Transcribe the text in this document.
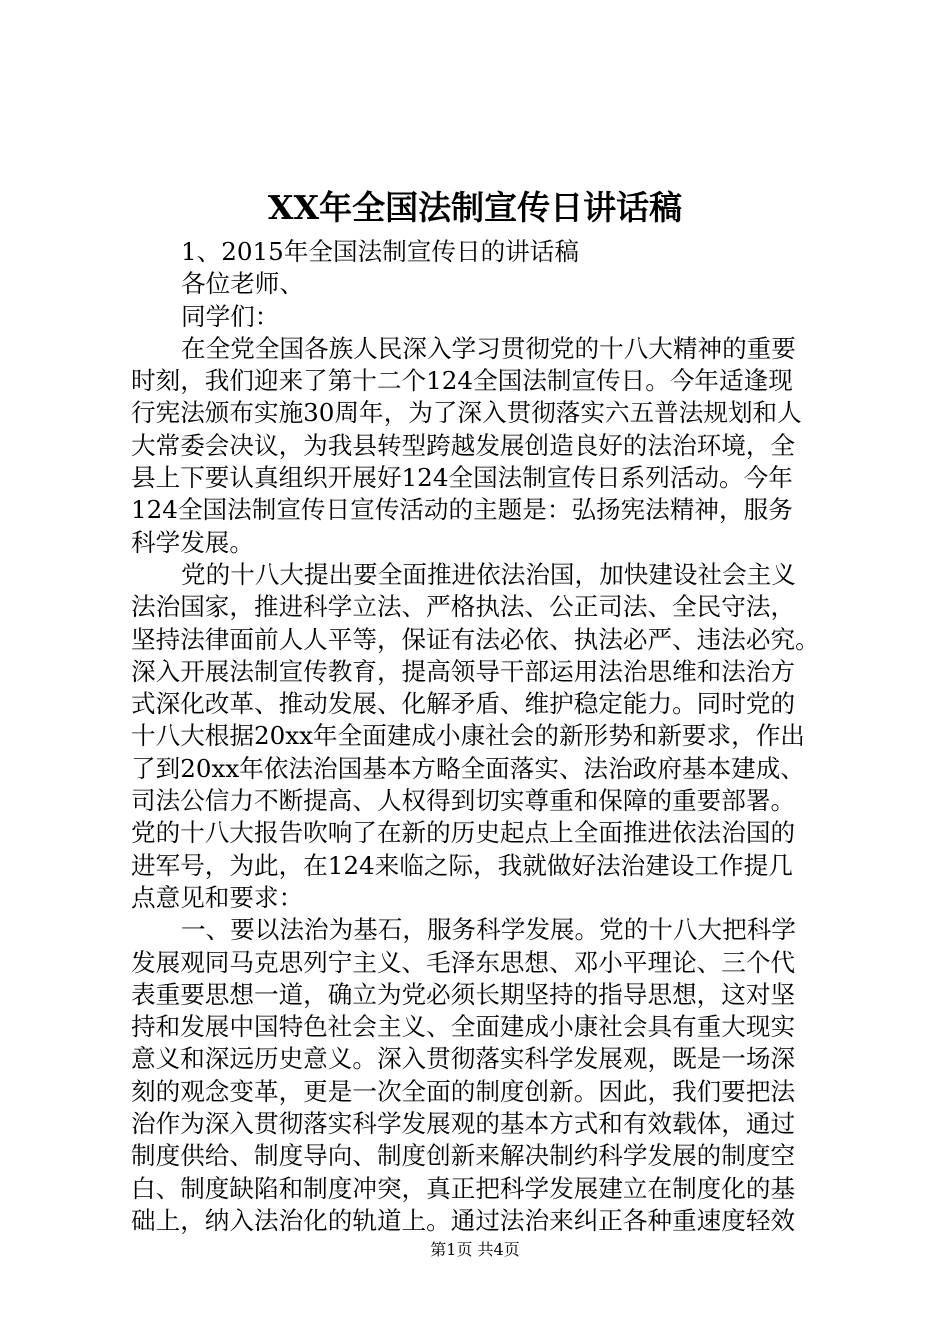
XX年全国法制宣传日讲话稿
1、2015年全国法制宣传日的讲话稿
各位老师、
同学们：
在全党全国各族人民深入学习贯彻党的十八大精神的重要
时刻，我们迎来了第十二个124全国法制宣传日。今年适逢现
行宪法颁布实施30周年，为了深入贯彻落实六五普法规划和人
大常委会决议，为我县转型跨越发展创造良好的法治环境，全
县上下要认真组织开展好124全国法制宣传日系列活动。今年
124全国法制宣传日宣传活动的主题是：弘扬宪法精神，服务
科学发展。
党的十八大提出要全面推进依法治国，加快建设社会主义
法治国家，推进科学立法、严格执法、公正司法、全民守法，
坚持法律面前人人平等，保证有法必依、执法必严、违法必究。
深入开展法制宣传教育，提高领导干部运用法治思维和法治方
式深化改革、推动发展、化解矛盾、维护稳定能力。同时党的
十八大根据20xx年全面建成小康社会的新形势和新要求，作出
了到20xx年依法治国基本方略全面落实、法治政府基本建成、
司法公信力不断提高、人权得到切实尊重和保障的重要部署。
党的十八大报告吹响了在新的历史起点上全面推进依法治国的
进军号，为此，在124来临之际，我就做好法治建设工作提几
点意见和要求：
一、要以法治为基石，服务科学发展。党的十八大把科学
发展观同马克思列宁主义、毛泽东思想、邓小平理论、三个代
表重要思想一道，确立为党必须长期坚持的指导思想，这对坚
持和发展中国特色社会主义、全面建成小康社会具有重大现实
意义和深远历史意义。深入贯彻落实科学发展观，既是一场深
刻的观念变革，更是一次全面的制度创新。因此，我们要把法
治作为深入贯彻落实科学发展观的基本方式和有效载体，通过
制度供给、制度导向、制度创新来解决制约科学发展的制度空
白、制度缺陷和制度冲突，真正把科学发展建立在制度化的基
础上，纳入法治化的轨道上。通过法治来纠正各种重速度轻效
第1页 共4页
